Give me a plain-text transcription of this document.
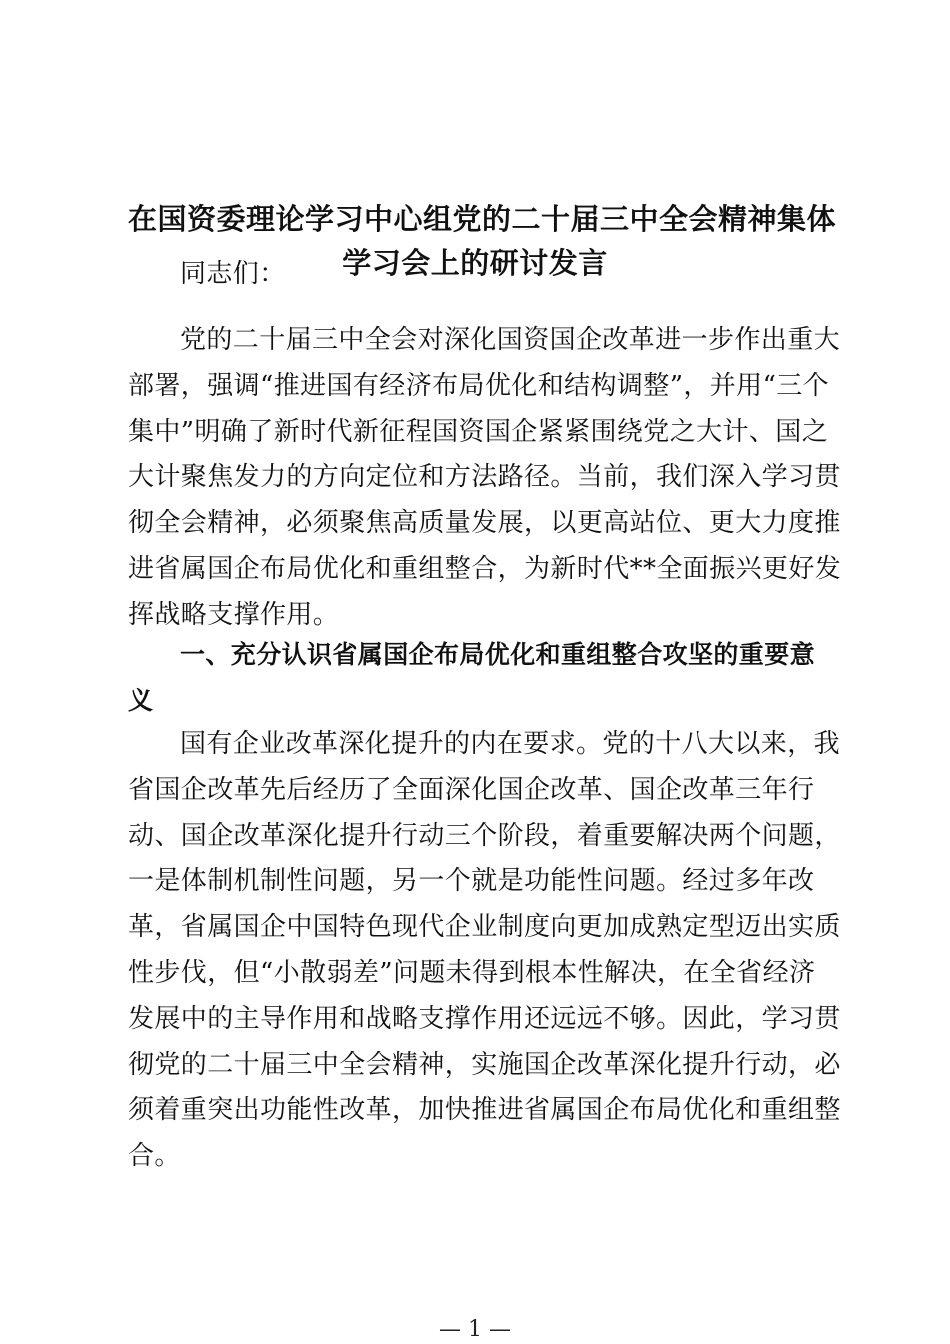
在国资委理论学习中心组党的二十届三中全会精神集体
学习会上的研讨发言
同志们：
党的二十届三中全会对深化国资国企改革进一步作出重大
部署，强调“推进国有经济布局优化和结构调整”，并用“三个
集中”明确了新时代新征程国资国企紧紧围绕党之大计、国之
大计聚焦发力的方向定位和方法路径。当前，我们深入学习贯
彻全会精神，必须聚焦高质量发展，以更高站位、更大力度推
进省属国企布局优化和重组整合，为新时代**全面振兴更好发
挥战略支撑作用。
一、充分认识省属国企布局优化和重组整合攻坚的重要意
义
国有企业改革深化提升的内在要求。党的十八大以来，我
省国企改革先后经历了全面深化国企改革、国企改革三年行
动、国企改革深化提升行动三个阶段，着重要解决两个问题，
一是体制机制性问题，另一个就是功能性问题。经过多年改
革，省属国企中国特色现代企业制度向更加成熟定型迈出实质
性步伐，但“小散弱差”问题未得到根本性解决，在全省经济
发展中的主导作用和战略支撑作用还远远不够。因此，学习贯
彻党的二十届三中全会精神，实施国企改革深化提升行动，必
须着重突出功能性改革，加快推进省属国企布局优化和重组整
合。
— 1 —
